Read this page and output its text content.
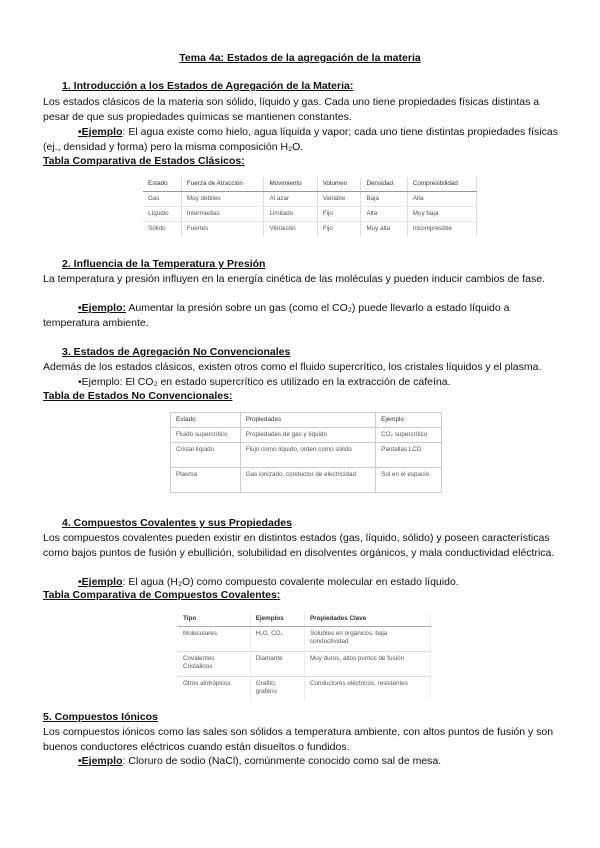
Tema 4a: Estados de la agregación de la materia
1. Introducción a los Estados de Agregación de la Materia:
Los estados clásicos de la materia son sólido, líquido y gas. Cada uno tiene propiedades físicas distintas a pesar de que sus propiedades químicas se mantienen constantes.
•Ejemplo: El agua existe como hielo, agua líquida y vapor; cada uno tiene distintas propiedades físicas (ej., densidad y forma) pero la misma composición H₂O.
Tabla Comparativa de Estados Clásicos:
Estado	Fuerza de Atracción	Movimiento	Volumen	Densidad	Compresibilidad
Gas	Muy débiles	Al azar	Variable	Baja	Alta
Líquido	Intermedias	Limitado	Fijo	Alta	Muy baja
Sólido	Fuertes	Vibración	Fijo	Muy alta	Incompresible
2. Influencia de la Temperatura y Presión
La temperatura y presión influyen en la energía cinética de las moléculas y pueden inducir cambios de fase.
•Ejemplo: Aumentar la presión sobre un gas (como el CO₂) puede llevarlo a estado líquido a temperatura ambiente.
3. Estados de Agregación No Convencionales
Además de los estados clásicos, existen otros como el fluido supercrítico, los cristales líquidos y el plasma.
•Ejemplo: El CO₂ en estado supercrítico es utilizado en la extracción de cafeína.
Tabla de Estados No Convencionales:
Estado	Propiedades	Ejemplo
Fluido supercrítico	Propiedades de gas y líquido	CO₂ supercrítico
Cristal líquido	Flujo como líquido, orden como sólido	Pantallas LCD
Plasma	Gas ionizado, conductor de electricidad	Sol en el espacio
4. Compuestos Covalentes y sus Propiedades
Los compuestos covalentes pueden existir en distintos estados (gas, líquido, sólido) y poseen características como bajos puntos de fusión y ebullición, solubilidad en disolventes orgánicos, y mala conductividad eléctrica.
•Ejemplo: El agua (H₂O) como compuesto covalente molecular en estado líquido.
Tabla Comparativa de Compuestos Covalentes:
Tipo	Ejemplos	Propiedades Clave
Moleculares	H₂O, CO₂	Solubles en orgánicos, baja conductividad
Covalentes Cristalinos	Diamante	Muy duros, altos puntos de fusión
Otros alotrópicos	Grafito, grafeno	Conductores eléctricos, resistentes
5. Compuestos Iónicos
Los compuestos iónicos como las sales son sólidos a temperatura ambiente, con altos puntos de fusión y son buenos conductores eléctricos cuando están disueltos o fundidos.
•Ejemplo: Cloruro de sodio (NaCl), comúnmente conocido como sal de mesa.
